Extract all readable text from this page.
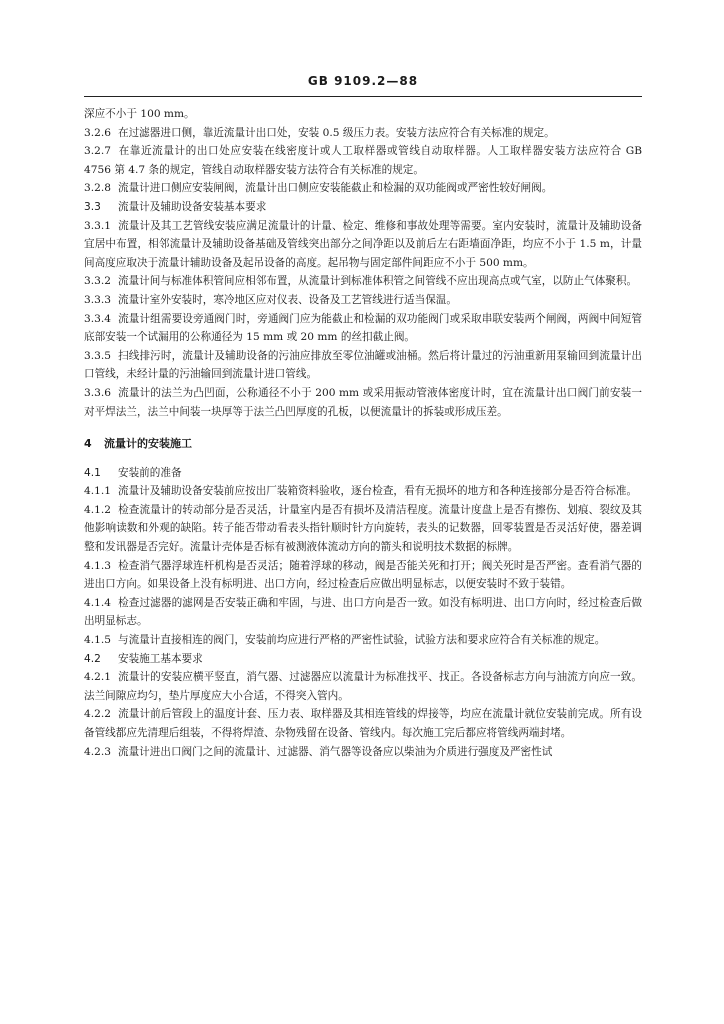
GB 9109.2—88
深应不小于 100 mm。
3.2.6 在过滤器进口侧，靠近流量计出口处，安装 0.5 级压力表。安装方法应符合有关标准的规定。
3.2.7 在靠近流量计的出口处应安装在线密度计或人工取样器或管线自动取样器。人工取样器安装方法应符合 GB 4756 第 4.7 条的规定，管线自动取样器安装方法符合有关标准的规定。
3.2.8 流量计进口侧应安装闸阀，流量计出口侧应安装能截止和检漏的双功能阀或严密性较好闸阀。
3.3 流量计及辅助设备安装基本要求
3.3.1 流量计及其工艺管线安装应满足流量计的计量、检定、维修和事故处理等需要。室内安装时，流量计及辅助设备宜居中布置，相邻流量计及辅助设备基础及管线突出部分之间净距以及前后左右距墙面净距，均应不小于 1.5 m，计量间高度应取决于流量计辅助设备及起吊设备的高度。起吊物与固定部件间距应不小于 500 mm。
3.3.2 流量计间与标准体积管间应相邻布置，从流量计到标准体积管之间管线不应出现高点或气室，以防止气体聚积。
3.3.3 流量计室外安装时，寒冷地区应对仪表、设备及工艺管线进行适当保温。
3.3.4 流量计组需要设旁通阀门时，旁通阀门应为能截止和检漏的双功能阀门或采取串联安装两个闸阀，两阀中间短管底部安装一个试漏用的公称通径为 15 mm 或 20 mm 的丝扣截止阀。
3.3.5 扫线排污时，流量计及辅助设备的污油应排放至零位油罐或油桶。然后将计量过的污油重新用泵输回到流量计出口管线，未经计量的污油输回到流量计进口管线。
3.3.6 流量计的法兰为凸凹面，公称通径不小于 200 mm 或采用振动管液体密度计时，宜在流量计出口阀门前安装一对平焊法兰，法兰中间装一块厚等于法兰凸凹厚度的孔板，以便流量计的拆装或形成压差。
4 流量计的安装施工
4.1 安装前的准备
4.1.1 流量计及辅助设备安装前应按出厂装箱资料验收，逐台检查，看有无损坏的地方和各种连接部分是否符合标准。
4.1.2 检查流量计的转动部分是否灵活，计量室内是否有损坏及清洁程度。流量计度盘上是否有擦伤、划痕、裂纹及其他影响读数和外观的缺陷。转子能否带动看表头指针顺时针方向旋转，表头的记数器，回零装置是否灵活好使，器差调整和发讯器是否完好。流量计壳体是否标有被测液体流动方向的箭头和说明技术数据的标牌。
4.1.3 检查消气器浮球连杆机构是否灵活；随着浮球的移动，阀是否能关死和打开；阀关死时是否严密。查看消气器的进出口方向。如果设备上没有标明进、出口方向，经过检查后应做出明显标志，以便安装时不致于装错。
4.1.4 检查过滤器的滤网是否安装正确和牢固，与进、出口方向是否一致。如没有标明进、出口方向时，经过检查后做出明显标志。
4.1.5 与流量计直接相连的阀门，安装前均应进行严格的严密性试验，试验方法和要求应符合有关标准的规定。
4.2 安装施工基本要求
4.2.1 流量计的安装应横平竖直，消气器、过滤器应以流量计为标准找平、找正。各设备标志方向与油流方向应一致。法兰间隙应均匀，垫片厚度应大小合适，不得突入管内。
4.2.2 流量计前后管段上的温度计套、压力表、取样器及其相连管线的焊接等，均应在流量计就位安装前完成。所有设备管线都应先清理后组装，不得将焊渣、杂物残留在设备、管线内。每次施工完后都应将管线两端封堵。
4.2.3 流量计进出口阀门之间的流量计、过滤器、消气器等设备应以柴油为介质进行强度及严密性试
